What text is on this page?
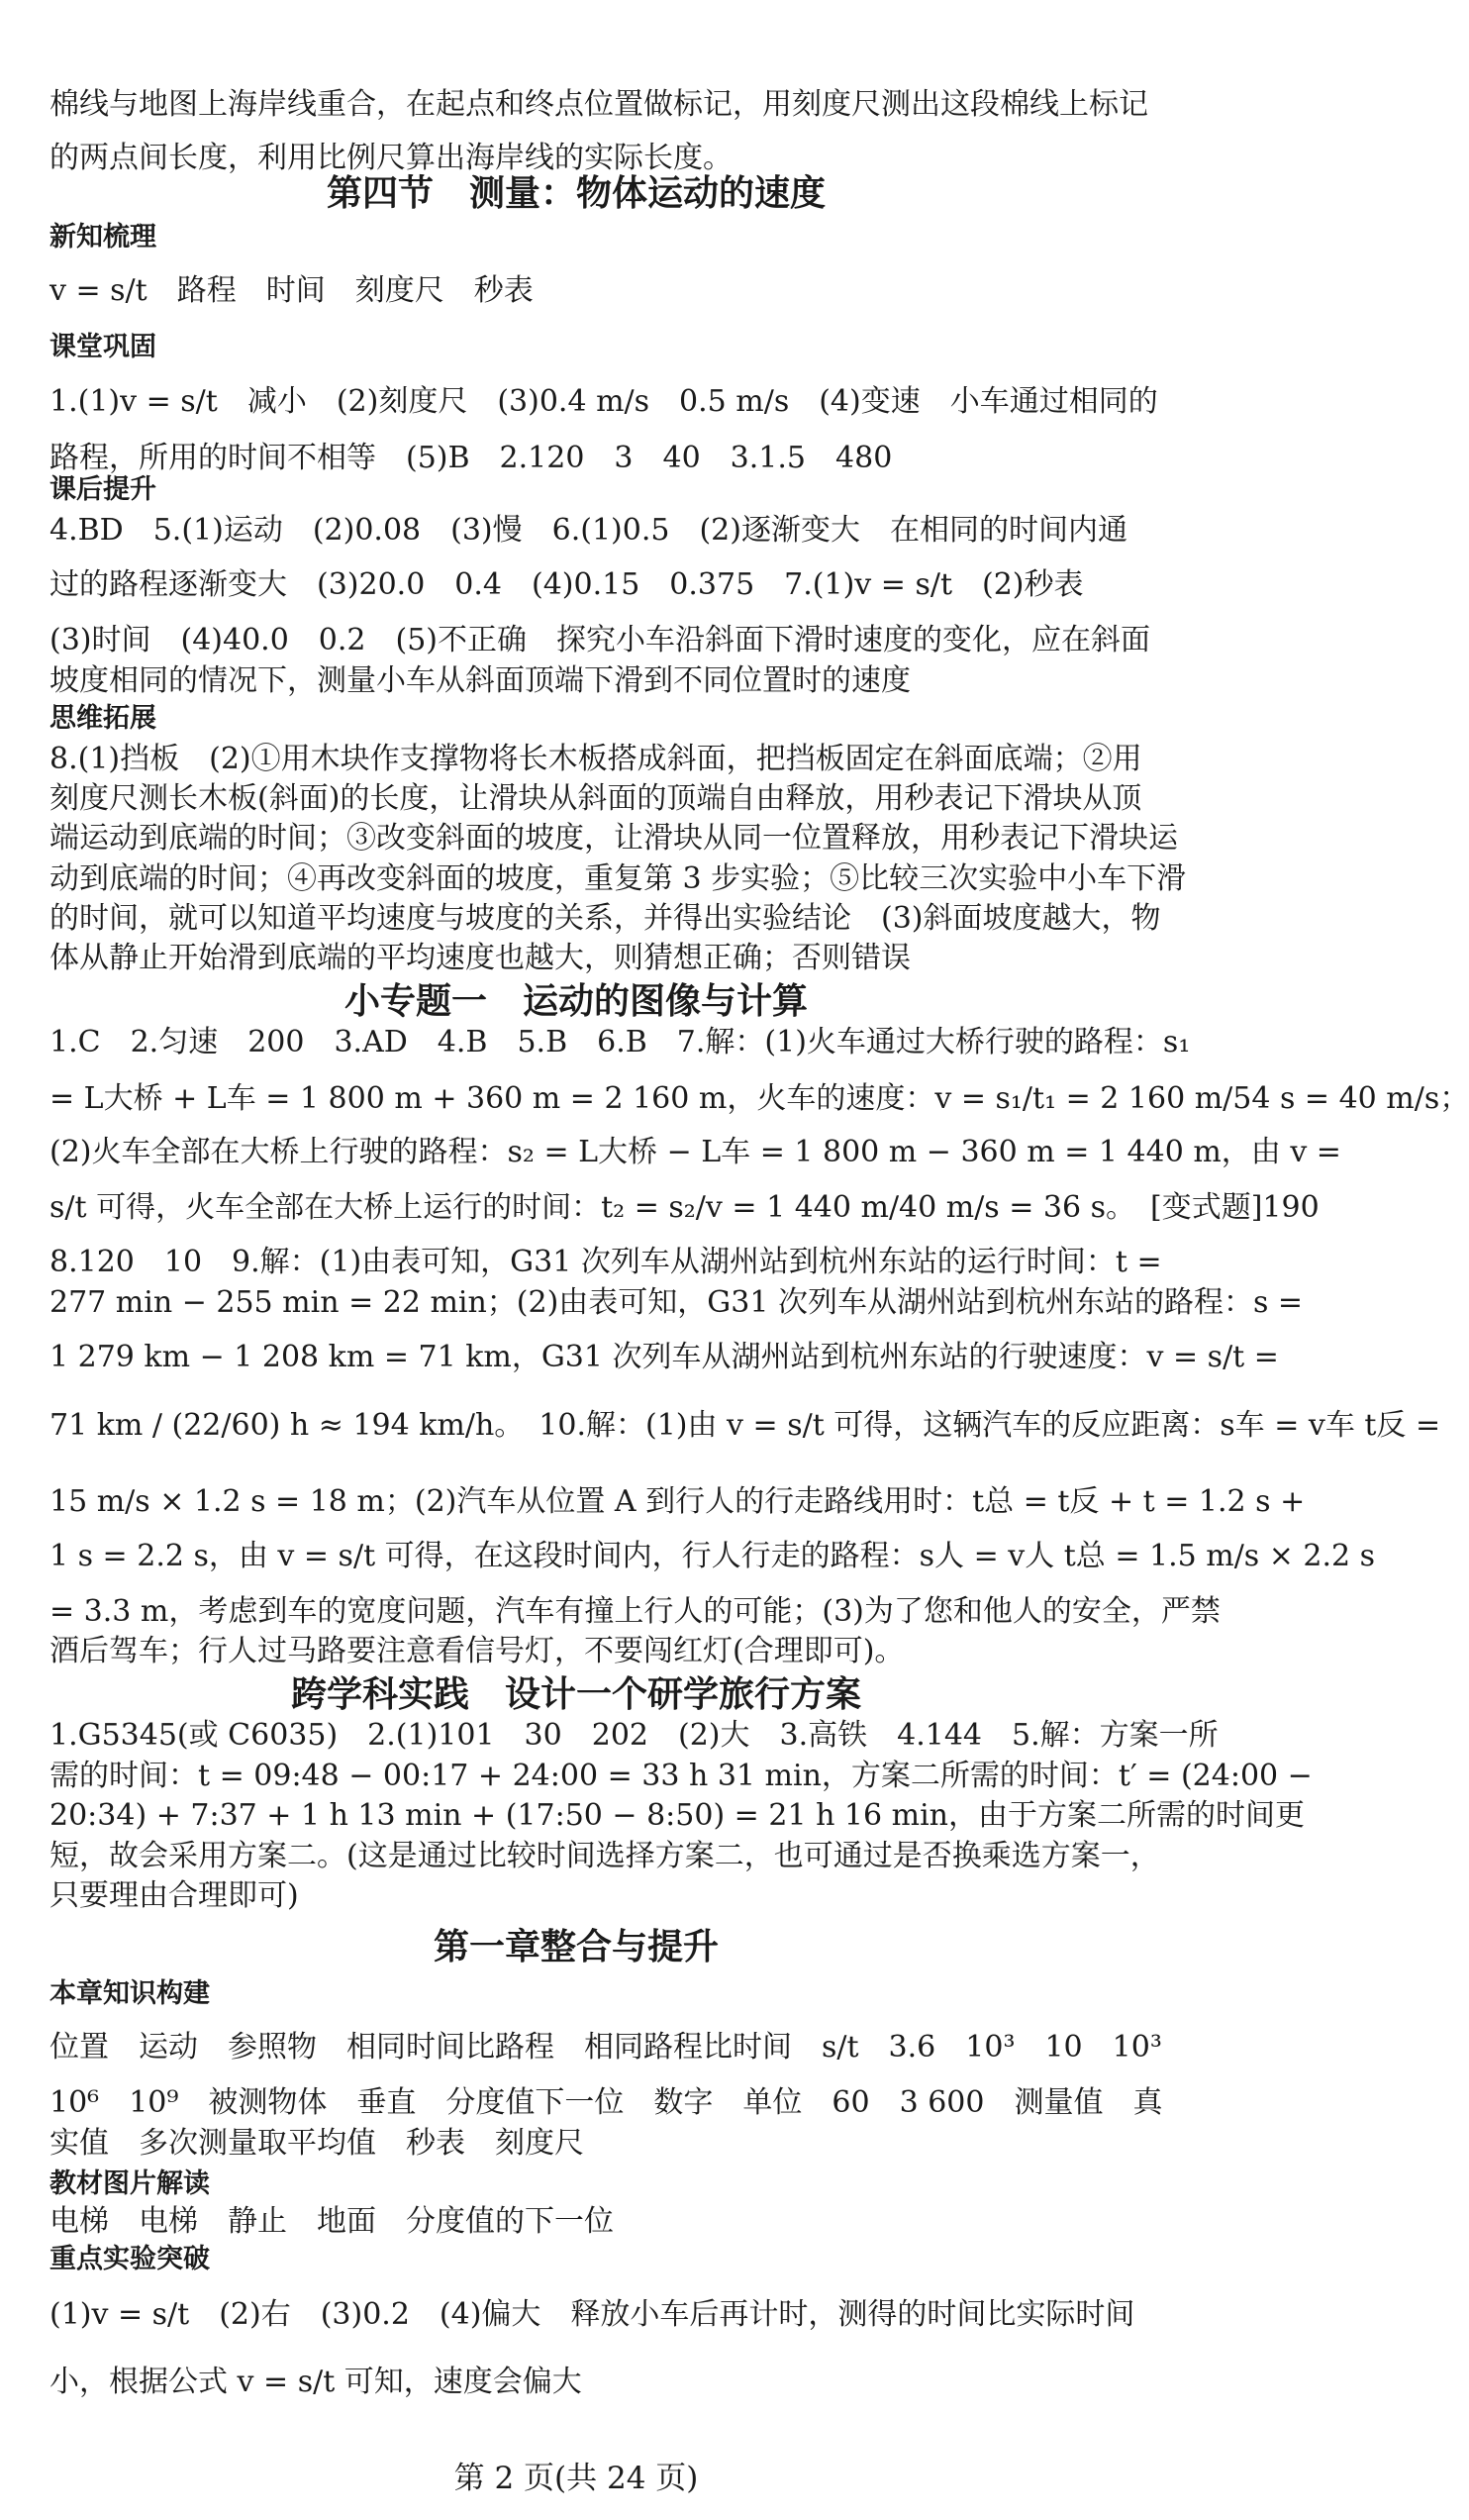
棉线与地图上海岸线重合，在起点和终点位置做标记，用刻度尺测出这段棉线上标记
的两点间长度，利用比例尺算出海岸线的实际长度。
第四节　测量：物体运动的速度
新知梳理
v = s/t　路程　时间　刻度尺　秒表
课堂巩固
1.(1)v = s/t　减小　(2)刻度尺　(3)0.4 m/s　0.5 m/s　(4)变速　小车通过相同的
路程，所用的时间不相等　(5)B　2.120　3　40　3.1.5　480
课后提升
4.BD　5.(1)运动　(2)0.08　(3)慢　6.(1)0.5　(2)逐渐变大　在相同的时间内通
过的路程逐渐变大　(3)20.0　0.4　(4)0.15　0.375　7.(1)v = s/t　(2)秒表
(3)时间　(4)40.0　0.2　(5)不正确　探究小车沿斜面下滑时速度的变化，应在斜面
坡度相同的情况下，测量小车从斜面顶端下滑到不同位置时的速度
思维拓展
8.(1)挡板　(2)①用木块作支撑物将长木板搭成斜面，把挡板固定在斜面底端；②用
刻度尺测长木板(斜面)的长度，让滑块从斜面的顶端自由释放，用秒表记下滑块从顶
端运动到底端的时间；③改变斜面的坡度，让滑块从同一位置释放，用秒表记下滑块运
动到底端的时间；④再改变斜面的坡度，重复第 3 步实验；⑤比较三次实验中小车下滑
的时间，就可以知道平均速度与坡度的关系，并得出实验结论　(3)斜面坡度越大，物
体从静止开始滑到底端的平均速度也越大，则猜想正确；否则错误
小专题一　运动的图像与计算
1.C　2.匀速　200　3.AD　4.B　5.B　6.B　7.解：(1)火车通过大桥行驶的路程：s₁
= L大桥 + L车 = 1 800 m + 360 m = 2 160 m，火车的速度：v = s₁/t₁ = 2 160 m/54 s = 40 m/s；
(2)火车全部在大桥上行驶的路程：s₂ = L大桥 − L车 = 1 800 m − 360 m = 1 440 m，由 v =
s/t 可得，火车全部在大桥上运行的时间：t₂ = s₂/v = 1 440 m/40 m/s = 36 s。　[变式题]190
8.120　10　9.解：(1)由表可知，G31 次列车从湖州站到杭州东站的运行时间：t =
277 min − 255 min = 22 min；(2)由表可知，G31 次列车从湖州站到杭州东站的路程：s =
1 279 km − 1 208 km = 71 km，G31 次列车从湖州站到杭州东站的行驶速度：v = s/t =
71 km / (22/60) h ≈ 194 km/h。　10.解：(1)由 v = s/t 可得，这辆汽车的反应距离：s车 = v车 t反 =
15 m/s × 1.2 s = 18 m；(2)汽车从位置 A 到行人的行走路线用时：t总 = t反 + t = 1.2 s +
1 s = 2.2 s，由 v = s/t 可得，在这段时间内，行人行走的路程：s人 = v人 t总 = 1.5 m/s × 2.2 s
= 3.3 m，考虑到车的宽度问题，汽车有撞上行人的可能；(3)为了您和他人的安全，严禁
酒后驾车；行人过马路要注意看信号灯，不要闯红灯(合理即可)。
跨学科实践　设计一个研学旅行方案
1.G5345(或 C6035)　2.(1)101　30　202　(2)大　3.高铁　4.144　5.解：方案一所
需的时间：t = 09:48 − 00:17 + 24:00 = 33 h 31 min，方案二所需的时间：t′ = (24:00 −
20:34) + 7:37 + 1 h 13 min + (17:50 − 8:50) = 21 h 16 min，由于方案二所需的时间更
短，故会采用方案二。(这是通过比较时间选择方案二，也可通过是否换乘选方案一，
只要理由合理即可)
第一章整合与提升
本章知识构建
位置　运动　参照物　相同时间比路程　相同路程比时间　s/t　3.6　10³　10　10³
10⁶　10⁹　被测物体　垂直　分度值下一位　数字　单位　60　3 600　测量值　真
实值　多次测量取平均值　秒表　刻度尺
教材图片解读
电梯　电梯　静止　地面　分度值的下一位
重点实验突破
(1)v = s/t　(2)右　(3)0.2　(4)偏大　释放小车后再计时，测得的时间比实际时间
小，根据公式 v = s/t 可知，速度会偏大
第 2 页(共 24 页)
